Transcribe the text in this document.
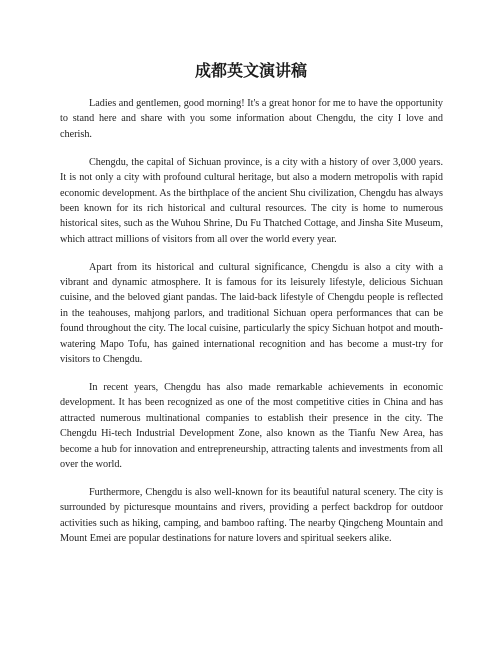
成都英文演讲稿

Ladies and gentlemen, good morning! It's a great honor for me to have the opportunity to stand here and share with you some information about Chengdu, the city I love and cherish.

Chengdu, the capital of Sichuan province, is a city with a history of over 3,000 years. It is not only a city with profound cultural heritage, but also a modern metropolis with rapid economic development. As the birthplace of the ancient Shu civilization, Chengdu has always been known for its rich historical and cultural resources. The city is home to numerous historical sites, such as the Wuhou Shrine, Du Fu Thatched Cottage, and Jinsha Site Museum, which attract millions of visitors from all over the world every year.

Apart from its historical and cultural significance, Chengdu is also a city with a vibrant and dynamic atmosphere. It is famous for its leisurely lifestyle, delicious Sichuan cuisine, and the beloved giant pandas. The laid-back lifestyle of Chengdu people is reflected in the teahouses, mahjong parlors, and traditional Sichuan opera performances that can be found throughout the city. The local cuisine, particularly the spicy Sichuan hotpot and mouth-watering Mapo Tofu, has gained international recognition and has become a must-try for visitors to Chengdu.

In recent years, Chengdu has also made remarkable achievements in economic development. It has been recognized as one of the most competitive cities in China and has attracted numerous multinational companies to establish their presence in the city. The Chengdu Hi-tech Industrial Development Zone, also known as the Tianfu New Area, has become a hub for innovation and entrepreneurship, attracting talents and investments from all over the world.

Furthermore, Chengdu is also well-known for its beautiful natural scenery. The city is surrounded by picturesque mountains and rivers, providing a perfect backdrop for outdoor activities such as hiking, camping, and bamboo rafting. The nearby Qingcheng Mountain and Mount Emei are popular destinations for nature lovers and spiritual seekers alike.
